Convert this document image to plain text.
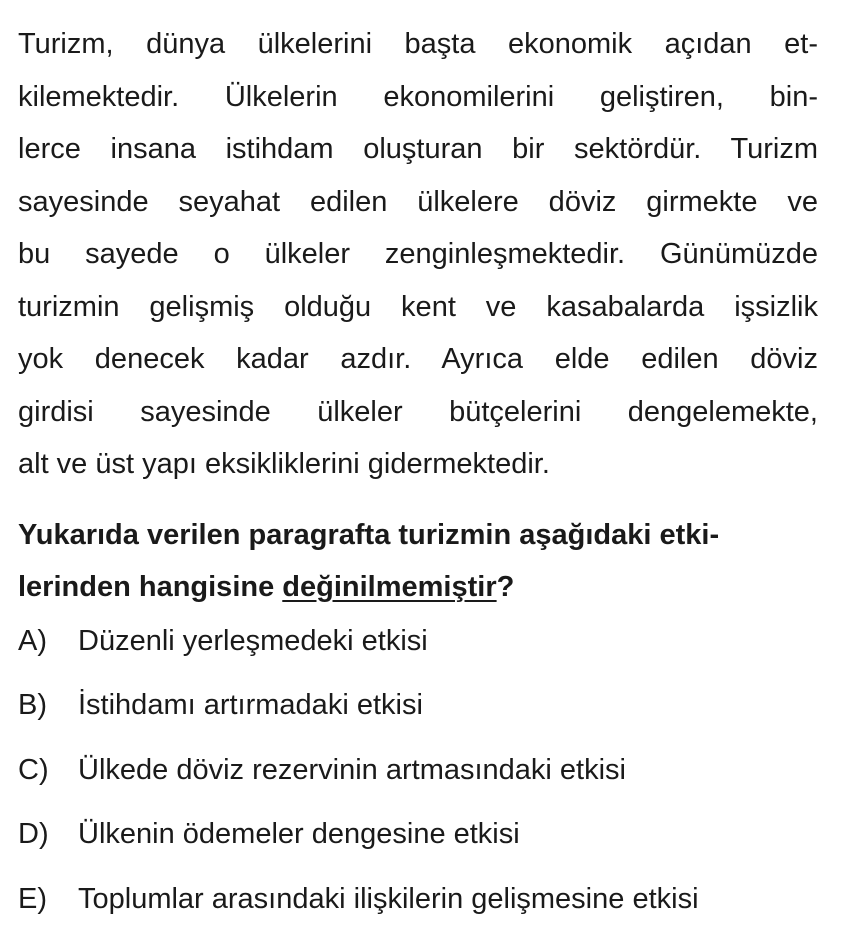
Turizm, dünya ülkelerini başta ekonomik açıdan et-
kilemektedir. Ülkelerin ekonomilerini geliştiren, bin-
lerce insana istihdam oluşturan bir sektördür. Turizm
sayesinde seyahat edilen ülkelere döviz girmekte ve
bu sayede o ülkeler zenginleşmektedir. Günümüzde
turizmin gelişmiş olduğu kent ve kasabalarda işsizlik
yok denecek kadar azdır. Ayrıca elde edilen döviz
girdisi sayesinde ülkeler bütçelerini dengelemekte,
alt ve üst yapı eksikliklerini gidermektedir.

Yukarıda verilen paragrafta turizmin aşağıdaki etki-
lerinden hangisine değinilmemiştir?

A)	Düzenli yerleşmedeki etkisi
B)	İstihdamı artırmadaki etkisi
C)	Ülkede döviz rezervinin artmasındaki etkisi
D)	Ülkenin ödemeler dengesine etkisi
E)	Toplumlar arasındaki ilişkilerin gelişmesine etkisi
